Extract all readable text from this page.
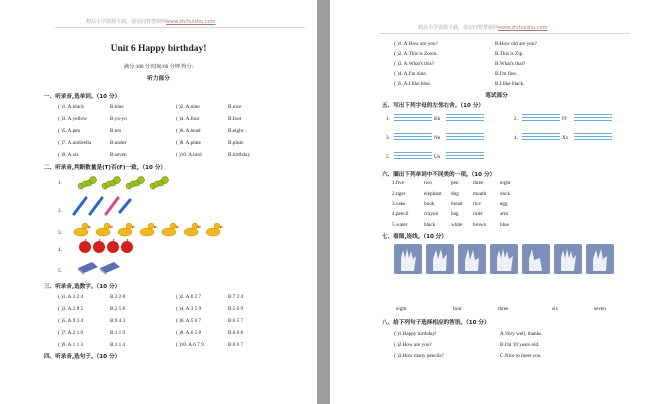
精品小学资源下载，请访问智慧树网www.zhihuishu.com
Unit 6 Happy birthday!
满分:100 分 时间:60 分钟 得分:
听力部分
一、听录音,选单词。（10 分）
( )1. A.black	B.blue	( )2. A.nine	B.nice
( )3. A.yellow	B.yo-yo	( )4. A.four	B.foot
( )5. A.pen	B.ten	( )6. A.head	B.eight
( )7. A.umbrella	B.under	( )8. A.plate	B.pleat
( )9. A.six	B.seven	( )10. A.bird	B.birthday
二、听录音,判断数量是(T)否(F)一致。（10 分）
1.
2.
3.
4.
5.
三、听录音,选数字。（10 分）
( )1. A.3 2 4	B.3 2 8	( )2. A.6 2 7	B.7 2 4
( )3. A.2 8 5	B.2 5 8	( )4. A.3 5 9	B.5 6 9
( )5. A.9 3 4	B.9 4 3	( )6. A.5 6 7	B.6 5 7
( )7. A.2 1 0	B.1 1 0	( )8. A.6 5 8	B.6 6 8
( )9. A.1 1 3	B.1 1 4	( )10. A.6 7 9	B.6 6 7
四、听录音,选句子。（10 分）
精品小学资源下载，请访问智慧树网www.zhihuishu.com
( )1. A.How are you?	B.How old are you?
( )2. A.This is Zoom.	B.This is Zip.
( )3. A.What's this?	B.What's that?
( )4. A.I'm nine.	B.I'm fine.
( )5. A.I like blue.	B.I like black.
笔试部分
五、写出下列字母的左邻右舍。（10 分）
1.	Kk	2.	Ff
3.	Nn	4.	Xx
5.	Uu
六、圈出下列单词中不同类的一项。（10 分）
1.five	two	pen	three	eight
2.tiger	elephant dog	mouth	duck
3.cake	book	bread rice	egg
4.pencil	crayon bag	ruler	arm
5.water	black	white brown	blue
七、看图,连线。（10 分）
eight	four	three	six	seven
八、给下列句子选择相应的答语。（10 分）
( )1.Happy birthday!	A.Very well, thanks.
( )2.How are you?	B.I'm 10 years old.
( )3.How many pencils?	C.Nice to meet you.
